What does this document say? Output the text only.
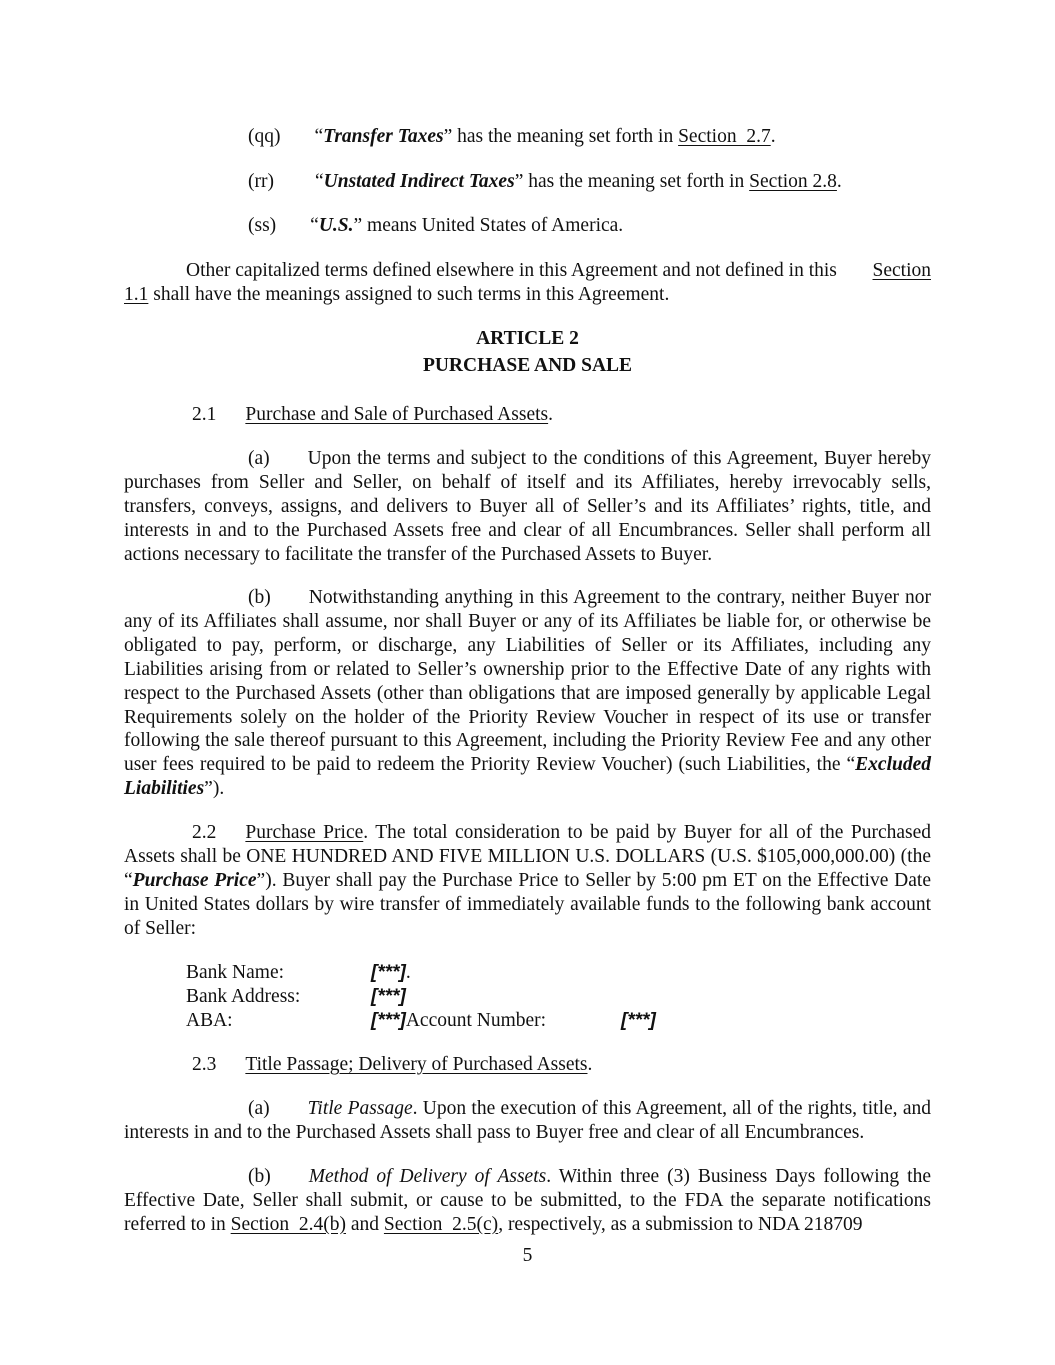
(qq) “Transfer Taxes” has the meaning set forth in Section  2.7.
(rr) “Unstated Indirect Taxes” has the meaning set forth in Section 2.8.
(ss) “U.S.” means United States of America.
Other capitalized terms defined elsewhere in this Agreement and not defined in this Section
1.1 shall have the meanings assigned to such terms in this Agreement.
ARTICLE 2
PURCHASE AND SALE
2.1 Purchase and Sale of Purchased Assets.
(a) Upon the terms and subject to the conditions of this Agreement, Buyer hereby purchases from Seller and Seller, on behalf of itself and its Affiliates, hereby irrevocably sells, transfers, conveys, assigns, and delivers to Buyer all of Seller’s and its Affiliates’ rights, title, and interests in and to the Purchased Assets free and clear of all Encumbrances. Seller shall perform all actions necessary to facilitate the transfer of the Purchased Assets to Buyer.
(b) Notwithstanding anything in this Agreement to the contrary, neither Buyer nor any of its Affiliates shall assume, nor shall Buyer or any of its Affiliates be liable for, or otherwise be obligated to pay, perform, or discharge, any Liabilities of Seller or its Affiliates, including any Liabilities arising from or related to Seller’s ownership prior to the Effective Date of any rights with respect to the Purchased Assets (other than obligations that are imposed generally by applicable Legal Requirements solely on the holder of the Priority Review Voucher in respect of its use or transfer following the sale thereof pursuant to this Agreement, including the Priority Review Fee and any other user fees required to be paid to redeem the Priority Review Voucher) (such Liabilities, the “Excluded Liabilities”).
2.2 Purchase Price. The total consideration to be paid by Buyer for all of the Purchased Assets shall be ONE HUNDRED AND FIVE MILLION U.S. DOLLARS (U.S. $105,000,000.00) (the “Purchase Price”). Buyer shall pay the Purchase Price to Seller by 5:00 pm ET on the Effective Date in United States dollars by wire transfer of immediately available funds to the following bank account of Seller:
Bank Name:	[***].
Bank Address:	[***]
ABA:	[***]Account Number:	[***]
2.3 Title Passage; Delivery of Purchased Assets.
(a) Title Passage. Upon the execution of this Agreement, all of the rights, title, and interests in and to the Purchased Assets shall pass to Buyer free and clear of all Encumbrances.
(b) Method of Delivery of Assets. Within three (3) Business Days following the Effective Date, Seller shall submit, or cause to be submitted, to the FDA the separate notifications referred to in Section  2.4(b) and Section  2.5(c), respectively, as a submission to NDA 218709
5
